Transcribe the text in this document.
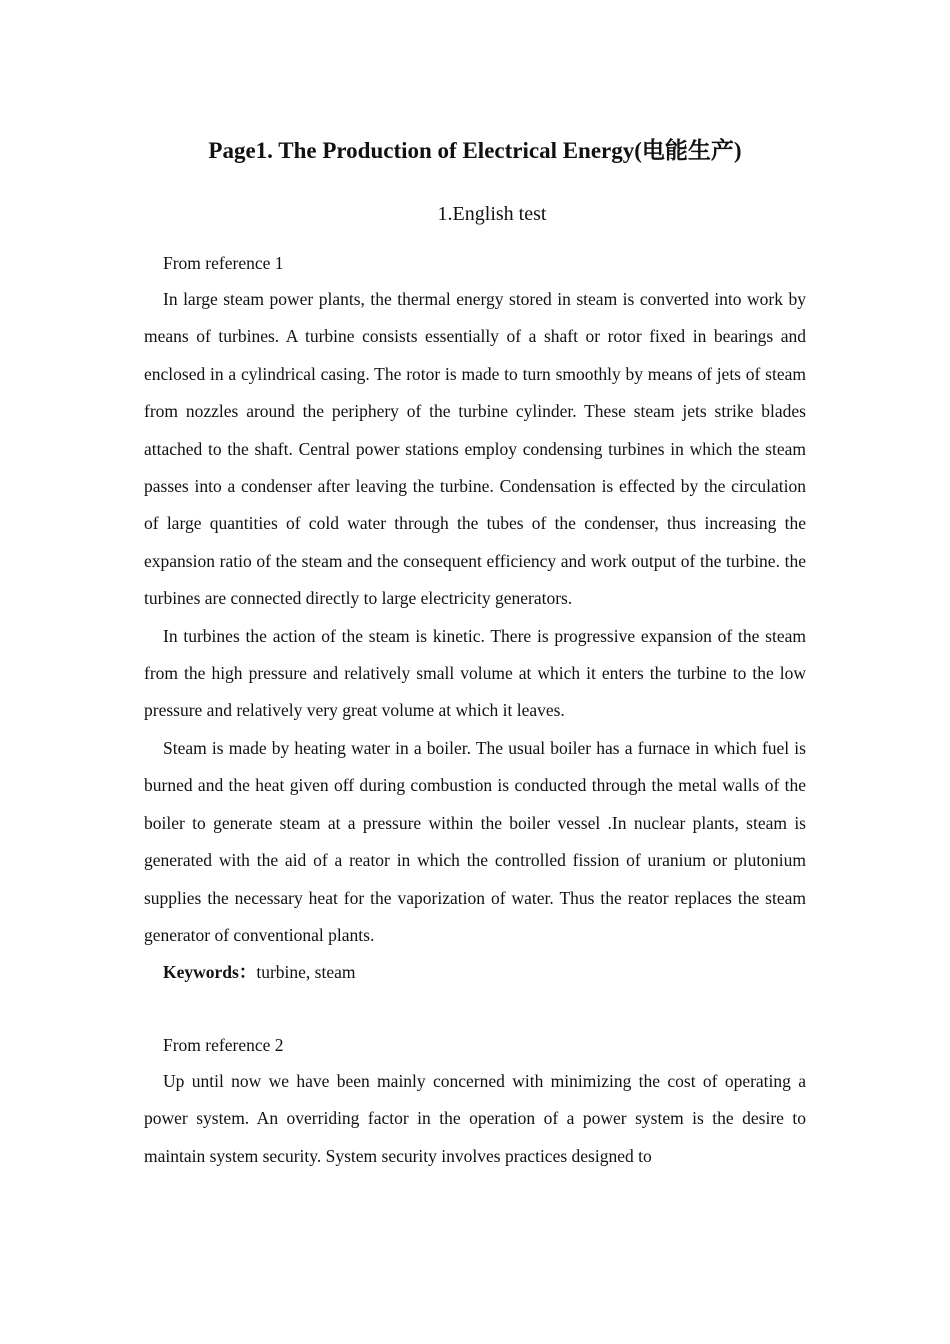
Page1. The Production of Electrical Energy(电能生产)
1.English test

From reference 1

In large steam power plants, the thermal energy stored in steam is converted into work by means of turbines. A turbine consists essentially of a shaft or rotor fixed in bearings and enclosed in a cylindrical casing. The rotor is made to turn smoothly by means of jets of steam from nozzles around the periphery of the turbine cylinder. These steam jets strike blades attached to the shaft. Central power stations employ condensing turbines in which the steam passes into a condenser after leaving the turbine. Condensation is effected by the circulation of large quantities of cold water through the tubes of the condenser, thus increasing the expansion ratio of the steam and the consequent efficiency and work output of the turbine. the turbines are connected directly to large electricity generators.

In turbines the action of the steam is kinetic. There is progressive expansion of the steam from the high pressure and relatively small volume at which it enters the turbine to the low pressure and relatively very great volume at which it leaves.

Steam is made by heating water in a boiler. The usual boiler has a furnace in which fuel is burned and the heat given off during combustion is conducted through the metal walls of the boiler to generate steam at a pressure within the boiler vessel .In nuclear plants, steam is generated with the aid of a reator in which the controlled fission of uranium or plutonium supplies the necessary heat for the vaporization of water. Thus the reator replaces the steam generator of conventional plants.

Keywords：turbine, steam

From reference 2

Up until now we have been mainly concerned with minimizing the cost of operating a power system. An overriding factor in the operation of a power system is the desire to maintain system security. System security involves practices designed to
